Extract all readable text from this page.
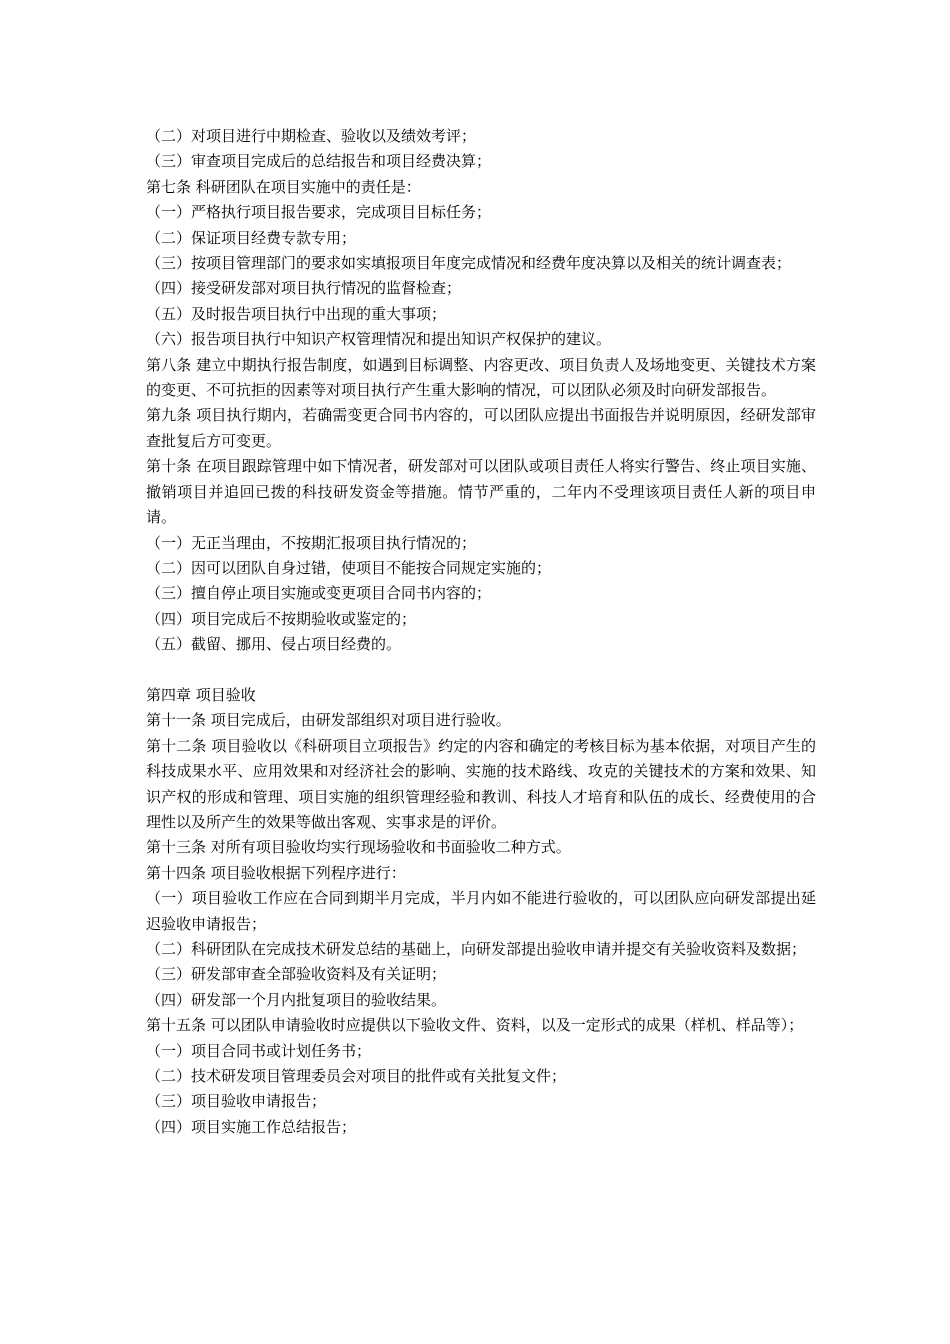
（二）对项目进行中期检查、验收以及绩效考评；

（三）审查项目完成后的总结报告和项目经费决算；

第七条 科研团队在项目实施中的责任是：

（一）严格执行项目报告要求，完成项目目标任务；

（二）保证项目经费专款专用；

（三）按项目管理部门的要求如实填报项目年度完成情况和经费年度决算以及相关的统计调查表；

（四）接受研发部对项目执行情况的监督检查；

（五）及时报告项目执行中出现的重大事项；

（六）报告项目执行中知识产权管理情况和提出知识产权保护的建议。

第八条 建立中期执行报告制度，如遇到目标调整、内容更改、项目负责人及场地变更、关键技术方案的变更、不可抗拒的因素等对项目执行产生重大影响的情况，可以团队必须及时向研发部报告。

第九条 项目执行期内，若确需变更合同书内容的，可以团队应提出书面报告并说明原因，经研发部审查批复后方可变更。

第十条 在项目跟踪管理中如下情况者，研发部对可以团队或项目责任人将实行警告、终止项目实施、撤销项目并追回已拨的科技研发资金等措施。情节严重的，二年内不受理该项目责任人新的项目申请。

（一）无正当理由，不按期汇报项目执行情况的；

（二）因可以团队自身过错，使项目不能按合同规定实施的；

（三）擅自停止项目实施或变更项目合同书内容的；

（四）项目完成后不按期验收或鉴定的；

（五）截留、挪用、侵占项目经费的。

第四章 项目验收

第十一条 项目完成后，由研发部组织对项目进行验收。

第十二条 项目验收以《科研项目立项报告》约定的内容和确定的考核目标为基本依据，对项目产生的科技成果水平、应用效果和对经济社会的影响、实施的技术路线、攻克的关键技术的方案和效果、知识产权的形成和管理、项目实施的组织管理经验和教训、科技人才培育和队伍的成长、经费使用的合理性以及所产生的效果等做出客观、实事求是的评价。

第十三条 对所有项目验收均实行现场验收和书面验收二种方式。

第十四条 项目验收根据下列程序进行：

（一）项目验收工作应在合同到期半月完成，半月内如不能进行验收的，可以团队应向研发部提出延迟验收申请报告；

（二）科研团队在完成技术研发总结的基础上，向研发部提出验收申请并提交有关验收资料及数据；

（三）研发部审查全部验收资料及有关证明；

（四）研发部一个月内批复项目的验收结果。

第十五条 可以团队申请验收时应提供以下验收文件、资料，以及一定形式的成果（样机、样品等）；

（一）项目合同书或计划任务书；

（二）技术研发项目管理委员会对项目的批件或有关批复文件；

（三）项目验收申请报告；

（四）项目实施工作总结报告；
